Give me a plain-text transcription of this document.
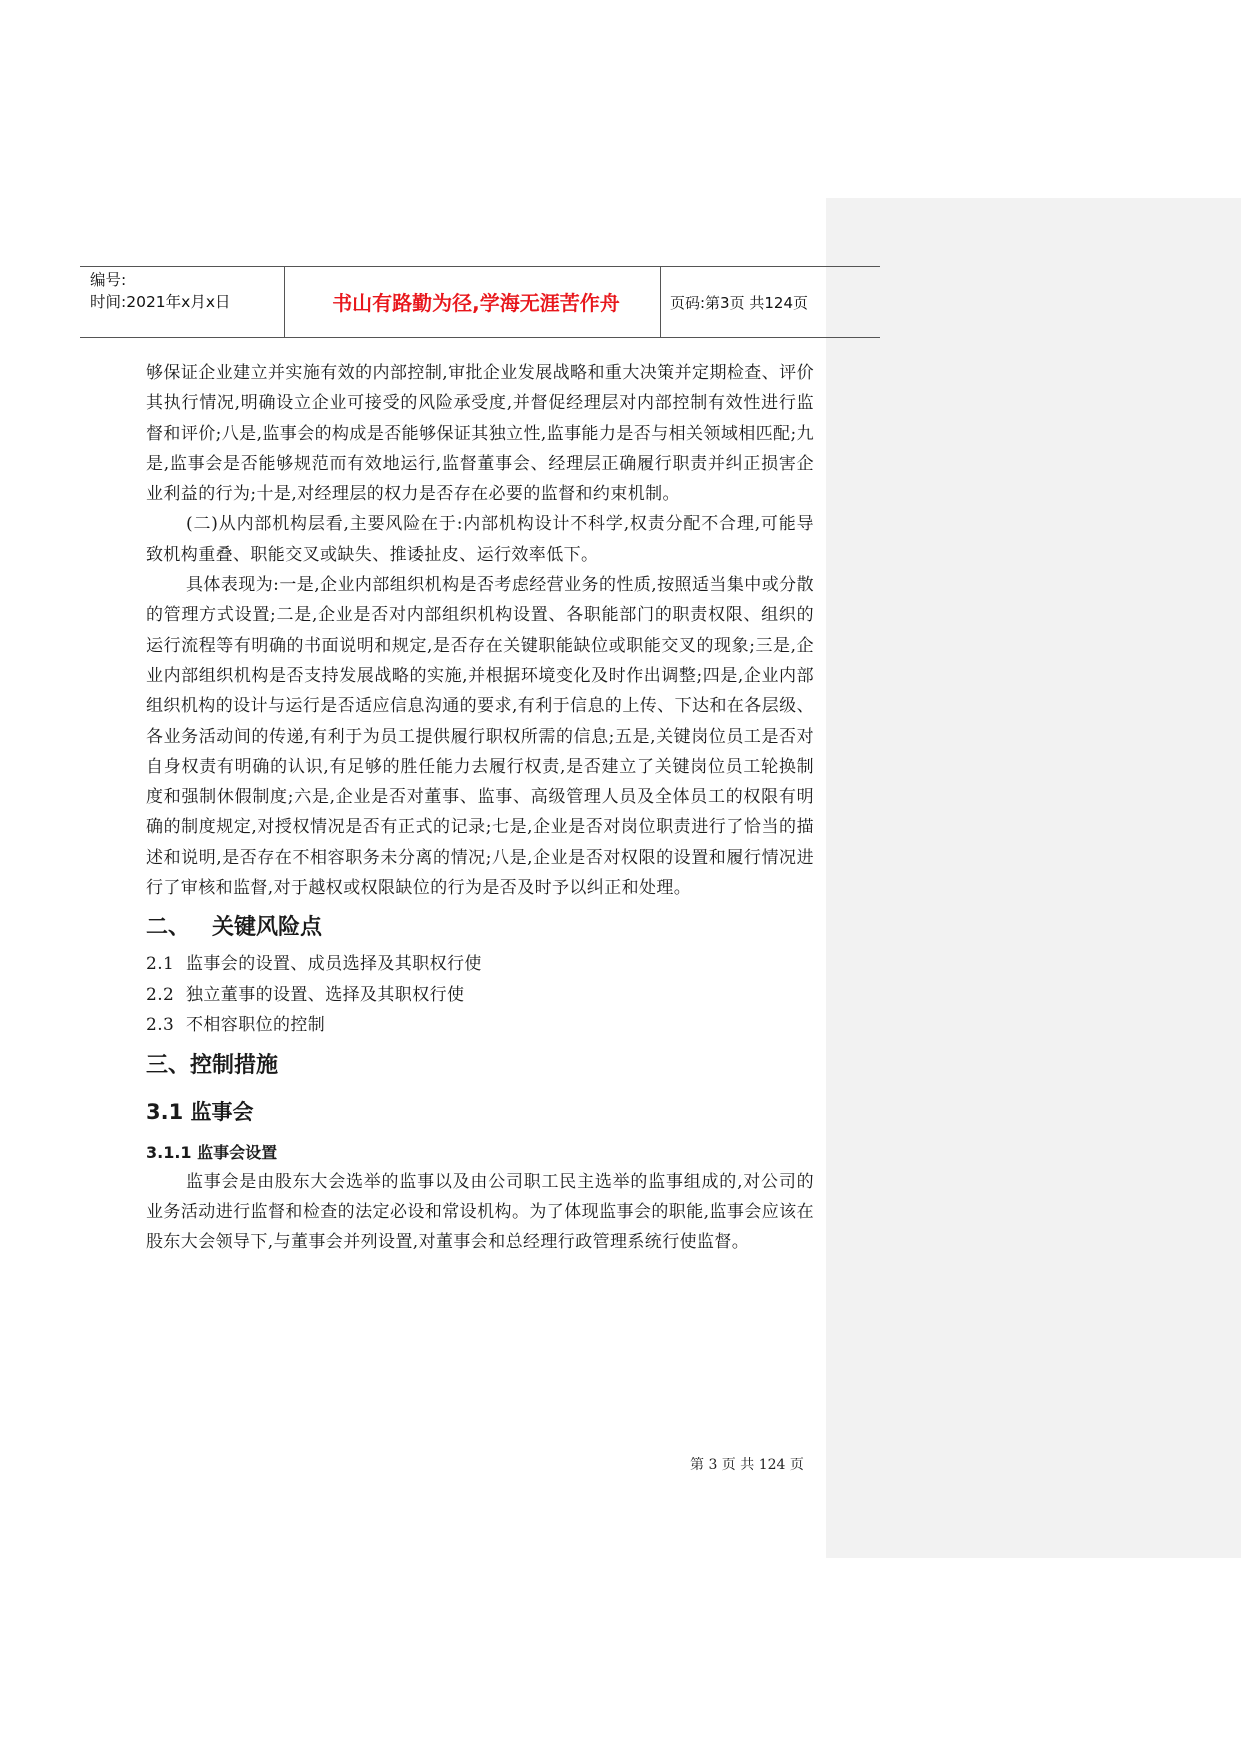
编号:
时间:2021年x月x日	书山有路勤为径,学海无涯苦作舟	页码:第3页 共124页

够保证企业建立并实施有效的内部控制,审批企业发展战略和重大决策并定期检查、评价其执行情况,明确设立企业可接受的风险承受度,并督促经理层对内部控制有效性进行监督和评价;八是,监事会的构成是否能够保证其独立性,监事能力是否与相关领域相匹配;九是,监事会是否能够规范而有效地运行,监督董事会、经理层正确履行职责并纠正损害企业利益的行为;十是,对经理层的权力是否存在必要的监督和约束机制。

(二)从内部机构层看,主要风险在于:内部机构设计不科学,权责分配不合理,可能导致机构重叠、职能交叉或缺失、推诿扯皮、运行效率低下。

具体表现为:一是,企业内部组织机构是否考虑经营业务的性质,按照适当集中或分散的管理方式设置;二是,企业是否对内部组织机构设置、各职能部门的职责权限、组织的运行流程等有明确的书面说明和规定,是否存在关键职能缺位或职能交叉的现象;三是,企业内部组织机构是否支持发展战略的实施,并根据环境变化及时作出调整;四是,企业内部组织机构的设计与运行是否适应信息沟通的要求,有利于信息的上传、下达和在各层级、各业务活动间的传递,有利于为员工提供履行职权所需的信息;五是,关键岗位员工是否对自身权责有明确的认识,有足够的胜任能力去履行权责,是否建立了关键岗位员工轮换制度和强制休假制度;六是,企业是否对董事、监事、高级管理人员及全体员工的权限有明确的制度规定,对授权情况是否有正式的记录;七是,企业是否对岗位职责进行了恰当的描述和说明,是否存在不相容职务未分离的情况;八是,企业是否对权限的设置和履行情况进行了审核和监督,对于越权或权限缺位的行为是否及时予以纠正和处理。

二、 关键风险点
2.1 监事会的设置、成员选择及其职权行使
2.2 独立董事的设置、选择及其职权行使
2.3 不相容职位的控制
三、控制措施
3.1 监事会
3.1.1 监事会设置

监事会是由股东大会选举的监事以及由公司职工民主选举的监事组成的,对公司的业务活动进行监督和检查的法定必设和常设机构。为了体现监事会的职能,监事会应该在股东大会领导下,与董事会并列设置,对董事会和总经理行政管理系统行使监督。

第 3 页 共 124 页
